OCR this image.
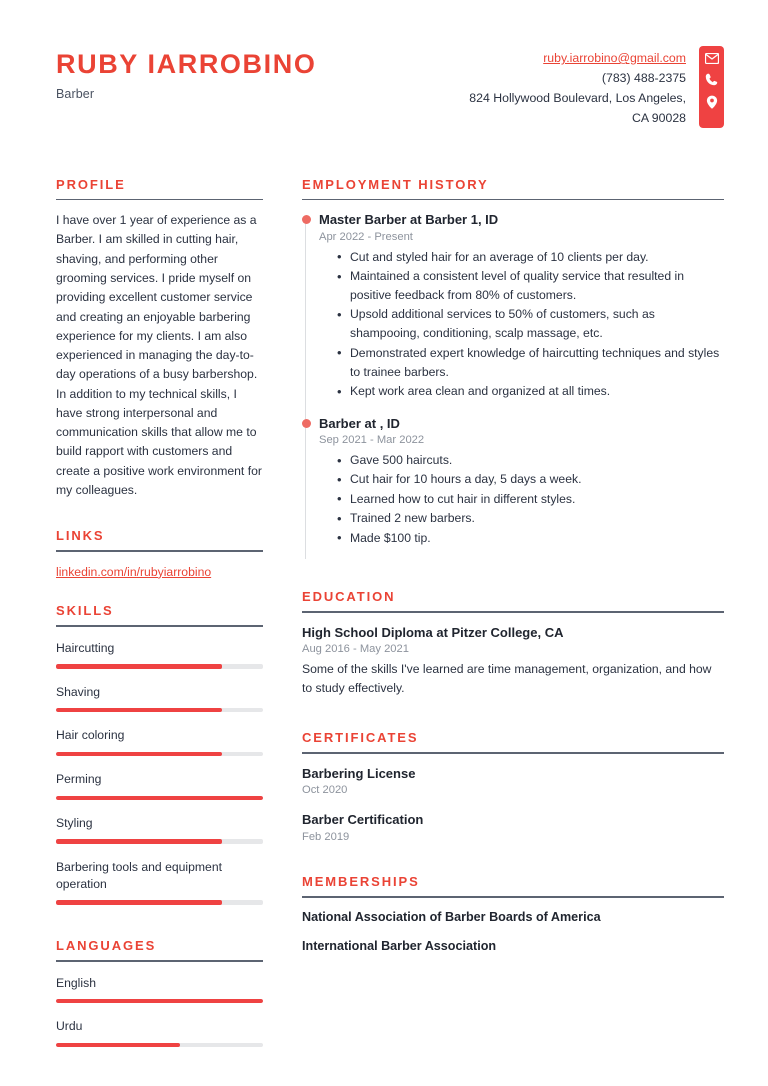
RUBY IARROBINO
Barber
ruby.iarrobino@gmail.com
(783) 488-2375
824 Hollywood Boulevard, Los Angeles,
CA 90028
PROFILE
I have over 1 year of experience as a Barber. I am skilled in cutting hair, shaving, and performing other grooming services. I pride myself on providing excellent customer service and creating an enjoyable barbering experience for my clients. I am also experienced in managing the day-to-day operations of a busy barbershop. In addition to my technical skills, I have strong interpersonal and communication skills that allow me to build rapport with customers and create a positive work environment for my colleagues.
LINKS
linkedin.com/in/rubyiarrobino
SKILLS
Haircutting
Shaving
Hair coloring
Perming
Styling
Barbering tools and equipment operation
LANGUAGES
English
Urdu
EMPLOYMENT HISTORY
Master Barber at Barber 1, ID
Apr 2022 - Present
• Cut and styled hair for an average of 10 clients per day.
• Maintained a consistent level of quality service that resulted in positive feedback from 80% of customers.
• Upsold additional services to 50% of customers, such as shampooing, conditioning, scalp massage, etc.
• Demonstrated expert knowledge of haircutting techniques and styles to trainee barbers.
• Kept work area clean and organized at all times.
Barber at , ID
Sep 2021 - Mar 2022
• Gave 500 haircuts.
• Cut hair for 10 hours a day, 5 days a week.
• Learned how to cut hair in different styles.
• Trained 2 new barbers.
• Made $100 tip.
EDUCATION
High School Diploma at Pitzer College, CA
Aug 2016 - May 2021
Some of the skills I've learned are time management, organization, and how to study effectively.
CERTIFICATES
Barbering License
Oct 2020
Barber Certification
Feb 2019
MEMBERSHIPS
National Association of Barber Boards of America
International Barber Association
